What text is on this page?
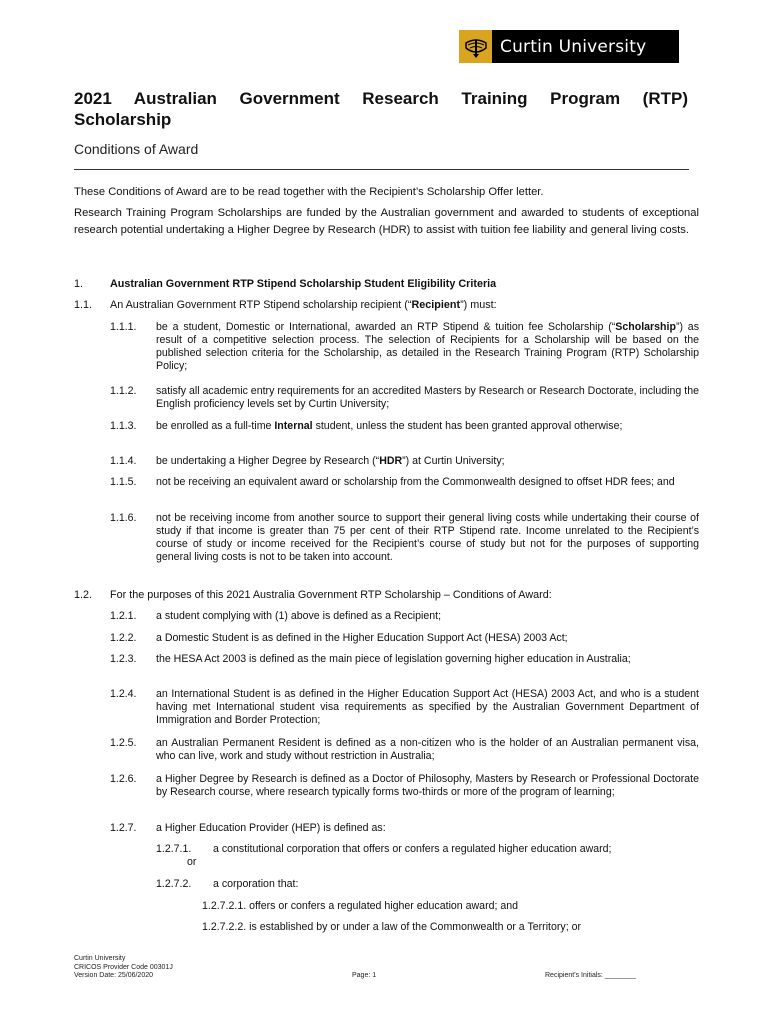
Curtin University
2021 Australian Government Research Training Program (RTP)
Scholarship
Conditions of Award
These Conditions of Award are to be read together with the Recipient’s Scholarship Offer letter.
Research Training Program Scholarships are funded by the Australian government and awarded to students of exceptional research potential undertaking a Higher Degree by Research (HDR) to assist with tuition fee liability and general living costs.
1. Australian Government RTP Stipend Scholarship Student Eligibility Criteria
1.1. An Australian Government RTP Stipend scholarship recipient (“Recipient”) must:
1.1.1. be a student, Domestic or International, awarded an RTP Stipend & tuition fee Scholarship (“Scholarship”) as result of a competitive selection process. The selection of Recipients for a Scholarship will be based on the published selection criteria for the Scholarship, as detailed in the Research Training Program (RTP) Scholarship Policy;
1.1.2. satisfy all academic entry requirements for an accredited Masters by Research or Research Doctorate, including the English proficiency levels set by Curtin University;
1.1.3. be enrolled as a full-time Internal student, unless the student has been granted approval otherwise;
1.1.4. be undertaking a Higher Degree by Research (“HDR”) at Curtin University;
1.1.5. not be receiving an equivalent award or scholarship from the Commonwealth designed to offset HDR fees; and
1.1.6. not be receiving income from another source to support their general living costs while undertaking their course of study if that income is greater than 75 per cent of their RTP Stipend rate. Income unrelated to the Recipient’s course of study or income received for the Recipient’s course of study but not for the purposes of supporting general living costs is not to be taken into account.
1.2. For the purposes of this 2021 Australia Government RTP Scholarship – Conditions of Award:
1.2.1. a student complying with (1) above is defined as a Recipient;
1.2.2. a Domestic Student is as defined in the Higher Education Support Act (HESA) 2003 Act;
1.2.3. the HESA Act 2003 is defined as the main piece of legislation governing higher education in Australia;
1.2.4. an International Student is as defined in the Higher Education Support Act (HESA) 2003 Act, and who is a student having met International student visa requirements as specified by the Australian Government Department of Immigration and Border Protection;
1.2.5. an Australian Permanent Resident is defined as a non-citizen who is the holder of an Australian permanent visa, who can live, work and study without restriction in Australia;
1.2.6. a Higher Degree by Research is defined as a Doctor of Philosophy, Masters by Research or Professional Doctorate by Research course, where research typically forms two-thirds or more of the program of learning;
1.2.7. a Higher Education Provider (HEP) is defined as:
1.2.7.1. a constitutional corporation that offers or confers a regulated higher education award;
or
1.2.7.2. a corporation that:
1.2.7.2.1. offers or confers a regulated higher education award; and
1.2.7.2.2. is established by or under a law of the Commonwealth or a Territory; or
Curtin University
CRICOS Provider Code 00301J
Version Date: 25/06/2020	Page: 1	Recipient’s Initials: ________
